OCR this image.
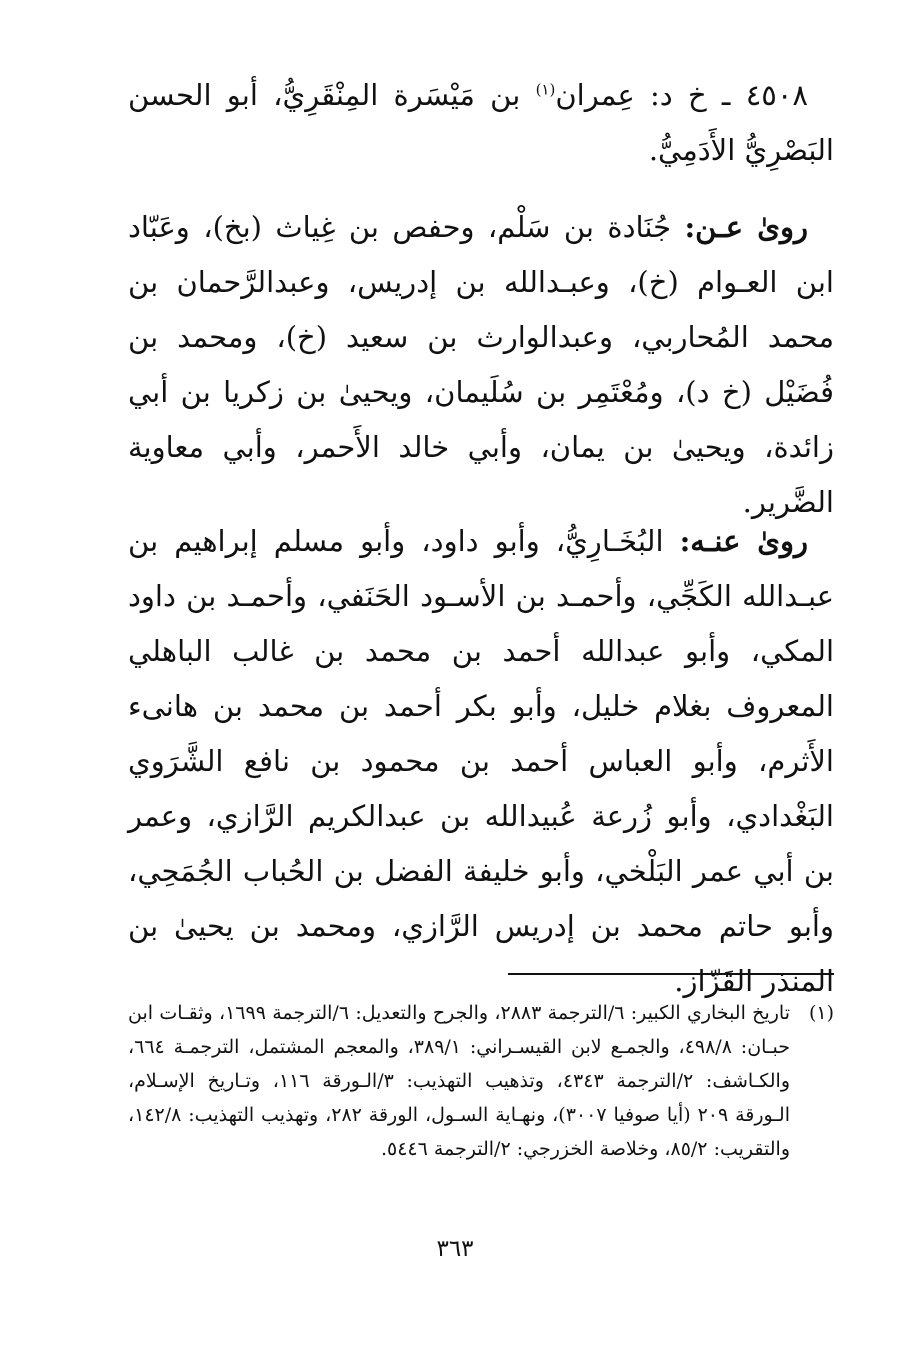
٤٥٠٨ ـ خ د: عِمران$^{(١)}$ بن مَيْسَرة المِنْقَرِيُّ، أبو الحسن البَصْرِيُّ الأَدَمِيُّ.

روىٰ عـن: جُنَادة بن سَلْم، وحفص بن غِياث (بخ)، وعَبّاد ابن العـوام (خ)، وعبـدالله بن إدريس، وعبدالرَّحمان بن محمد المُحاربي، وعبدالوارث بن سعيد (خ)، ومحمد بن فُضَيْل (خ د)، ومُعْتَمِر بن سُلَيمان، ويحيىٰ بن زكريا بن أبي زائدة، ويحيىٰ بن يمان، وأبي خالد الأَحمر، وأبي معاوية الضَّرير.

روىٰ عنـه: البُخَـارِيُّ، وأبو داود، وأبو مسلم إبراهيم بن عبـدالله الكَجِّي، وأحمـد بن الأسـود الحَنَفي، وأحمـد بن داود المكي، وأبو عبدالله أحمد بن محمد بن غالب الباهلي المعروف بغلام خليل، وأبو بكر أحمد بن محمد بن هانىء الأَثرم، وأبو العباس أحمد بن محمود بن نافع الشَّرَوي البَغْدادي، وأبو زُرعة عُبيدالله بن عبدالكريم الرَّازي، وعمر بن أبي عمر البَلْخي، وأبو خليفة الفضل بن الحُباب الجُمَحِي، وأبو حاتم محمد بن إدريس الرَّازي، ومحمد بن يحيىٰ بن المنذر القَزّاز.

(١)
تاريخ البخاري الكبير: ٦/الترجمة ٢٨٨٣، والجرح والتعديل: ٦/الترجمة ١٦٩٩، وثقـات ابن حبـان: ٤٩٨/٨، والجمـع لابن القيسـراني: ٣٨٩/١، والمعجم المشتمل، الترجمـة ٦٦٤، والكـاشف: ٢/الترجمة ٤٣٤٣، وتذهيب التهذيب: ٣/الـورقة ١١٦، وتـاريخ الإسـلام، الـورقة ٢٠٩ (أيا صوفيا ٣٠٠٧)، ونهـاية السـول، الورقة ٢٨٢، وتهذيب التهذيب: ١٤٢/٨، والتقريب: ٨٥/٢، وخلاصة الخزرجي: ٢/الترجمة ٥٤٤٦.

٣٦٣
